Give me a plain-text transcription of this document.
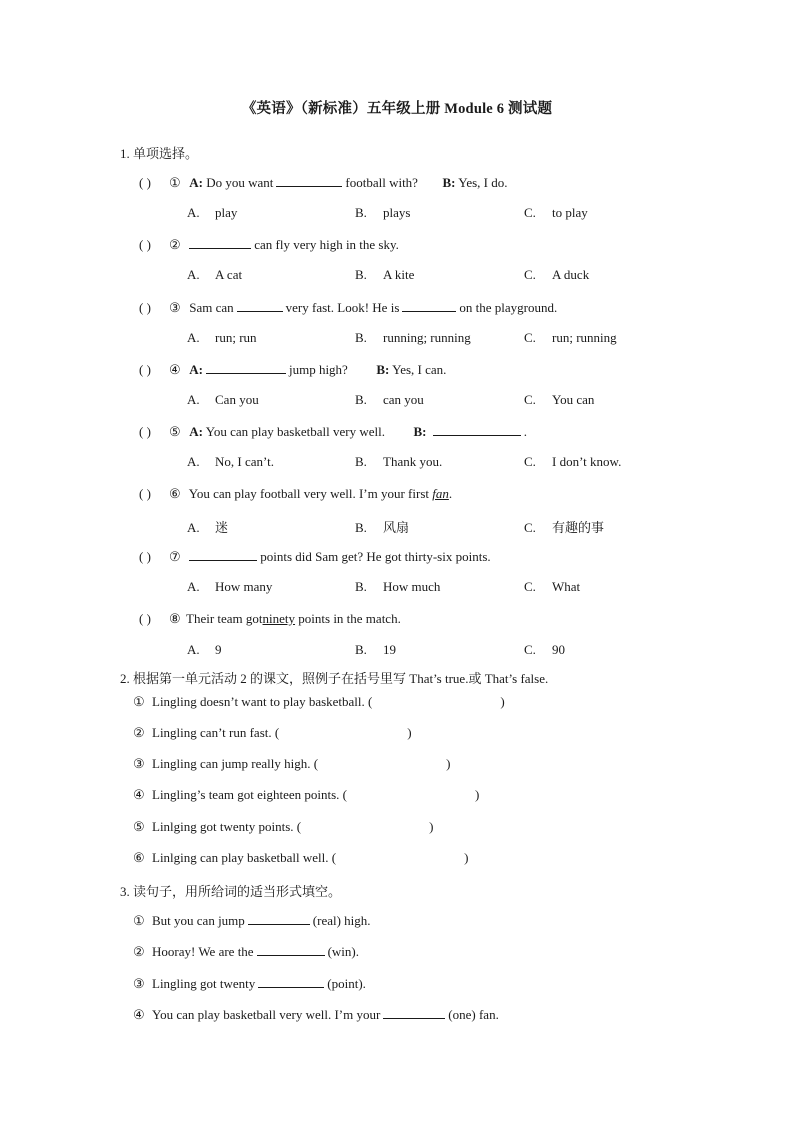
《英语》（新标准）五年级上册 Module 6 测试题
1. 单项选择。
( ) ① A: Do you want	football with? B: Yes, I do.
A. play	B. plays	C. to play
( ) ②	can fly very high in the sky.
A. A cat	B. A kite	C. A duck
( ) ③ Sam can	very fast. Look! He is	on the playground.
A. run; run	B. running; running	C. run; running
( ) ④ A:	jump high? B: Yes, I can.
A. Can you	B. can you	C. You can
( ) ⑤ A: You can play basketball very well. B:	.
A. No, I can’t.	B. Thank you.	C. I don’t know.
( ) ⑥ You can play football very well. I’m your first fan.
A. 迷	B. 风扇	C. 有趣的事
( ) ⑦	points did Sam get? He got thirty-six points.
A. How many	B. How much	C. What
( ) ⑧ Their team gotninety points in the match.
A. 9	B. 19	C. 90
2. 根据第一单元活动 2 的课文，照例子在括号里写 That’s true.或 That’s false.
① Lingling doesn’t want to play basketball. (	)
② Lingling can’t run fast. (	)
③ Lingling can jump really high. (	)
④ Lingling’s team got eighteen points. (	)
⑤ Linlging got twenty points. (	)
⑥ Linlging can play basketball well. (	)
3. 读句子，用所给词的适当形式填空。
① But you can jump	(real) high.
② Hooray! We are the	(win).
③ Lingling got twenty	(point).
④ You can play basketball very well. I’m your	(one) fan.
